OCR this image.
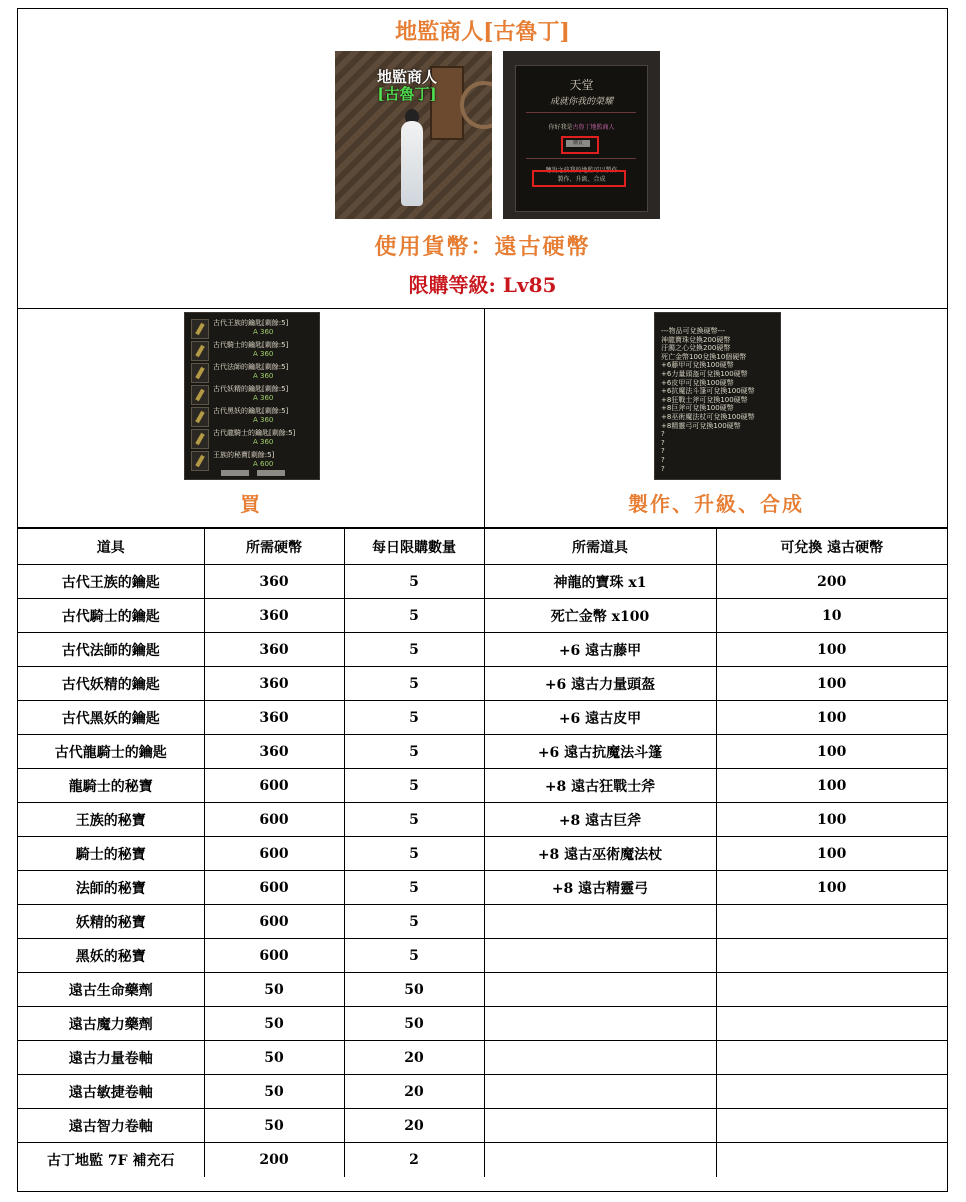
地監商人[古魯丁]
地監商人
[古魯丁]	天堂
成就你我的榮耀
你好我是古魯丁地監商人
購買
聽說之前我的地監可以製作
製作、升級、合成
使用貨幣：遠古硬幣
限購等級: Lv85
古代王族的鑰匙[剩餘:5]
A 360
古代騎士的鑰匙[剩餘:5]
A 360
古代法師的鑰匙[剩餘:5]
A 360
古代妖精的鑰匙[剩餘:5]
A 360
古代黑妖的鑰匙[剩餘:5]
A 360
古代龍騎士的鑰匙[剩餘:5]
A 360
王族的秘寶[剩餘:5]
A 600
買
---物品可兌換硬幣---
神龍寶珠兌換200硬幣
汙濁之心兌換200硬幣
死亡金幣100兌換10個硬幣
+6藤甲可兌換100硬幣
+6力量頭盔可兌換100硬幣
+6皮甲可兌換100硬幣
+6抗魔法斗篷可兌換100硬幣
+8狂戰士斧可兌換100硬幣
+8巨斧可兌換100硬幣
+8巫術魔法杖可兌換100硬幣
+8精靈弓可兌換100硬幣
?
?
?
?
?
製作、升級、合成
道具	所需硬幣	每日限購數量	所需道具	可兌換 遠古硬幣
古代王族的鑰匙	360	5	神龍的寶珠 x1	200
古代騎士的鑰匙	360	5	死亡金幣 x100	10
古代法師的鑰匙	360	5	+6 遠古藤甲	100
古代妖精的鑰匙	360	5	+6 遠古力量頭盔	100
古代黑妖的鑰匙	360	5	+6 遠古皮甲	100
古代龍騎士的鑰匙	360	5	+6 遠古抗魔法斗篷	100
龍騎士的秘寶	600	5	+8 遠古狂戰士斧	100
王族的秘寶	600	5	+8 遠古巨斧	100
騎士的秘寶	600	5	+8 遠古巫術魔法杖	100
法師的秘寶	600	5	+8 遠古精靈弓	100
妖精的秘寶	600	5		
黑妖的秘寶	600	5		
遠古生命藥劑	50	50		
遠古魔力藥劑	50	50		
遠古力量卷軸	50	20		
遠古敏捷卷軸	50	20		
遠古智力卷軸	50	20		
古丁地監 7F 補充石	200	2		
